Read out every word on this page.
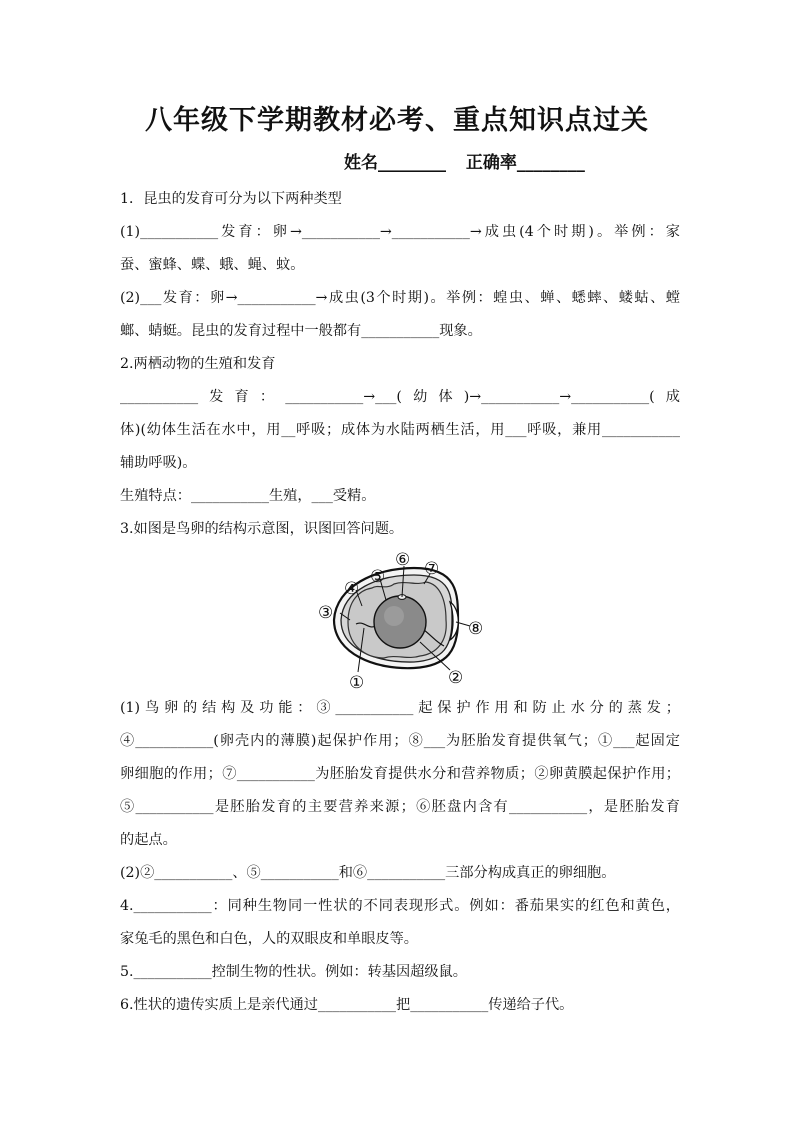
八年级下学期教材必考、重点知识点过关
姓名________ 正确率________

1．昆虫的发育可分为以下两种类型

(1)___________发育：卵→___________→___________→成虫(4个时期)。举例：家

蚕、蜜蜂、蝶、蛾、蝇、蚊。

(2)___发育：卵→___________→成虫(3个时期)。举例：蝗虫、蝉、蟋蟀、蝼蛄、螳

螂、蜻蜓。昆虫的发育过程中一般都有___________现象。

2.两栖动物的生殖和发育

___________发育：___________→___(幼体)→___________→___________(成

体)(幼体生活在水中，用__呼吸；成体为水陆两栖生活，用___呼吸，兼用___________

辅助呼吸)。

生殖特点：___________生殖，___受精。

3.如图是鸟卵的结构示意图，识图回答问题。

③
④
⑤
⑥ ⑦
⑧
①	②

(1)鸟卵的结构及功能：③___________起保护作用和防止水分的蒸发；

④___________(卵壳内的薄膜)起保护作用；⑧___为胚胎发育提供氧气；①___起固定

卵细胞的作用；⑦___________为胚胎发育提供水分和营养物质；②卵黄膜起保护作用；

⑤___________是胚胎发育的主要营养来源；⑥胚盘内含有___________，是胚胎发育

的起点。

(2)②___________、⑤___________和⑥___________三部分构成真正的卵细胞。

4.___________：同种生物同一性状的不同表现形式。例如：番茄果实的红色和黄色，

家兔毛的黑色和白色，人的双眼皮和单眼皮等。

5.___________控制生物的性状。例如：转基因超级鼠。

6.性状的遗传实质上是亲代通过___________把___________传递给子代。
